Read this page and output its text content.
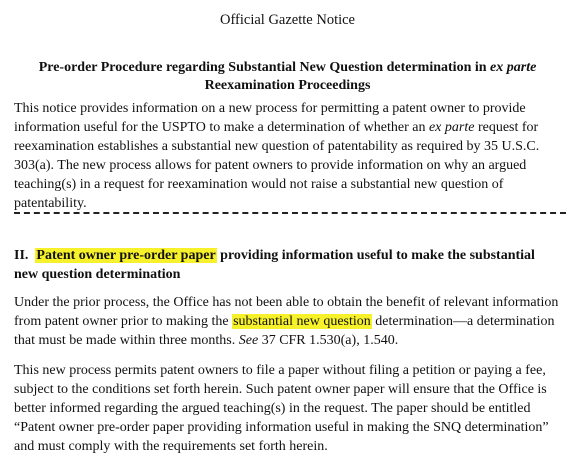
Official Gazette Notice
Pre-order Procedure regarding Substantial New Question determination in ex parte
Reexamination Proceedings
This notice provides information on a new process for permitting a patent owner to provide
information useful for the USPTO to make a determination of whether an ex parte request for
reexamination establishes a substantial new question of patentability as required by 35 U.S.C.
303(a). The new process allows for patent owners to provide information on why an argued
teaching(s) in a request for reexamination would not raise a substantial new question of
patentability.
II. Patent owner pre-order paper providing information useful to make the substantial
new question determination
Under the prior process, the Office has not been able to obtain the benefit of relevant information
from patent owner prior to making the substantial new question determination—a determination
that must be made within three months. See 37 CFR 1.530(a), 1.540.
This new process permits patent owners to file a paper without filing a petition or paying a fee,
subject to the conditions set forth herein. Such patent owner paper will ensure that the Office is
better informed regarding the argued teaching(s) in the request. The paper should be entitled
“Patent owner pre-order paper providing information useful in making the SNQ determination”
and must comply with the requirements set forth herein.
